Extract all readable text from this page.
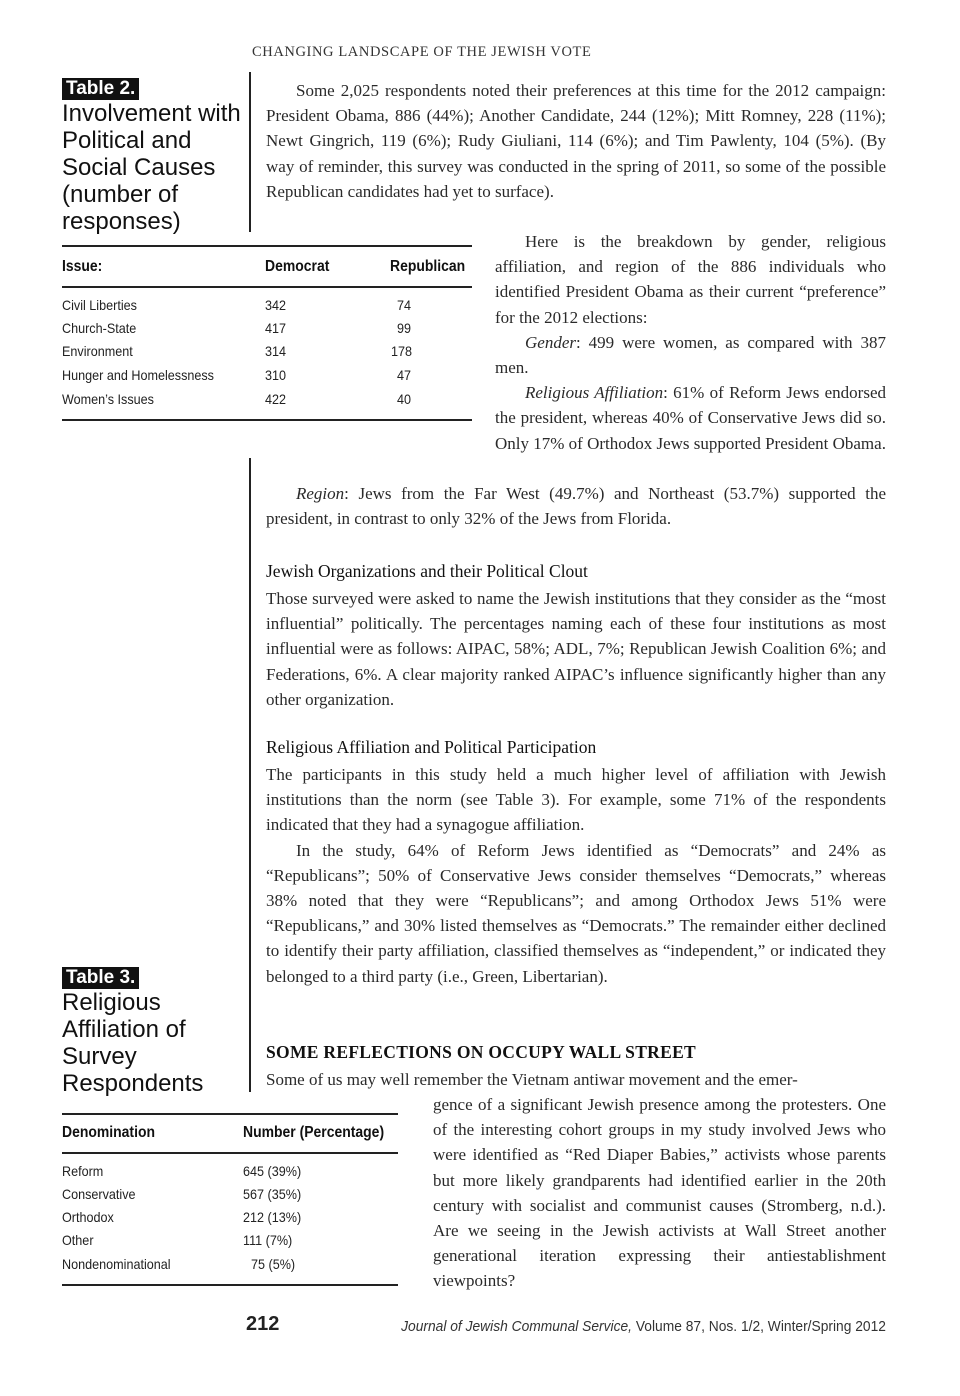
CHANGING LANDSCAPE OF THE JEWISH VOTE
Table 2.
Involvement with Political and Social Causes (number of responses)

Some 2,025 respondents noted their preferences at this time for the 2012 campaign: President Obama, 886 (44%); Another Candidate, 244 (12%); Mitt Romney, 228 (11%); Newt Gingrich, 119 (6%); Rudy Giuliani, 114 (6%); and Tim Pawlenty, 104 (5%). (By way of reminder, this survey was conducted in the spring of 2011, so some of the possible Republican candidates had yet to surface).

Issue:	Democrat	Republican
Civil Liberties	342	74
Church-State	417	99
Environment	314	178
Hunger and Homelessness	310	47
Women’s Issues	422	40

Here is the breakdown by gender, religious affiliation, and region of the 886 individuals who identified President Obama as their current “preference” for the 2012 elections:

Gender: 499 were women, as compared with 387 men.

Religious Affiliation: 61% of Reform Jews endorsed the president, whereas 40% of Conservative Jews did so. Only 17% of Orthodox Jews supported President Obama.

Region: Jews from the Far West (49.7%) and Northeast (53.7%) supported the president, in contrast to only 32% of the Jews from Florida.

Jewish Organizations and their Political Clout

Those surveyed were asked to name the Jewish institutions that they consider as the “most influential” politically. The percentages naming each of these four institutions as most influential were as follows: AIPAC, 58%; ADL, 7%; Republican Jewish Coalition 6%; and Federations, 6%. A clear majority ranked AIPAC’s influence significantly higher than any other organization.

Religious Affiliation and Political Participation

The participants in this study held a much higher level of affiliation with Jewish institutions than the norm (see Table 3). For example, some 71% of the respondents indicated that they had a synagogue affiliation.

In the study, 64% of Reform Jews identified as “Democrats” and 24% as “Republicans”; 50% of Conservative Jews consider themselves “Democrats,” whereas 38% noted that they were “Republicans”; and among Orthodox Jews 51% were “Republicans,” and 30% listed themselves as “Democrats.” The remainder either declined to identify their party affiliation, classified themselves as “independent,” or indicated they belonged to a third party (i.e., Green, Libertarian).

Table 3.
Religious Affiliation of Survey Respondents
SOME REFLECTIONS ON OCCUPY WALL STREET

Some of us may well remember the Vietnam antiwar movement and the emer-

gence of a significant Jewish presence among the protesters. One of the interesting cohort groups in my study involved Jews who were identified as “Red Diaper Babies,” activists whose parents but more likely grandparents had identified earlier in the 20th century with socialist and communist causes (Stromberg, n.d.). Are we seeing in the Jewish activists at Wall Street another generational iteration expressing their antiestablishment viewpoints?

Denomination	Number (Percentage)
Reform	645 (39%)
Conservative	567 (35%)
Orthodox	212 (13%)
Other	111 (7%)
Nondenominational	75 (5%)
212	Journal of Jewish Communal Service, Volume 87, Nos. 1/2, Winter/Spring 2012
